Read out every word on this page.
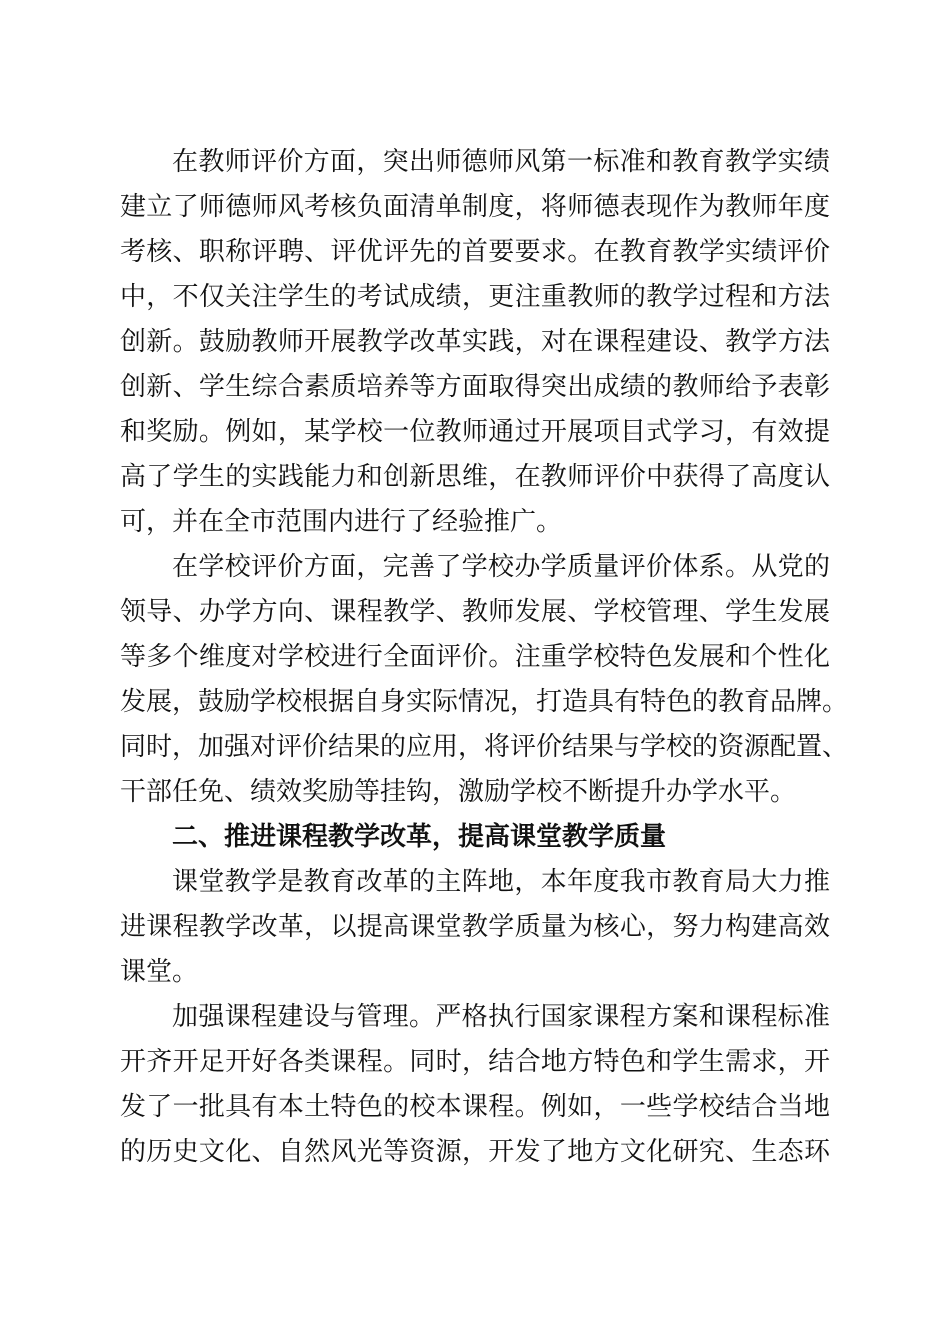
在教师评价方面，突出师德师风第一标准和教育教学实绩
建立了师德师风考核负面清单制度，将师德表现作为教师年度
考核、职称评聘、评优评先的首要要求。在教育教学实绩评价
中，不仅关注学生的考试成绩，更注重教师的教学过程和方法
创新。鼓励教师开展教学改革实践，对在课程建设、教学方法
创新、学生综合素质培养等方面取得突出成绩的教师给予表彰
和奖励。例如，某学校一位教师通过开展项目式学习，有效提
高了学生的实践能力和创新思维，在教师评价中获得了高度认
可，并在全市范围内进行了经验推广。
在学校评价方面，完善了学校办学质量评价体系。从党的
领导、办学方向、课程教学、教师发展、学校管理、学生发展
等多个维度对学校进行全面评价。注重学校特色发展和个性化
发展，鼓励学校根据自身实际情况，打造具有特色的教育品牌。
同时，加强对评价结果的应用，将评价结果与学校的资源配置、
干部任免、绩效奖励等挂钩，激励学校不断提升办学水平。
二、推进课程教学改革，提高课堂教学质量
课堂教学是教育改革的主阵地，本年度我市教育局大力推
进课程教学改革，以提高课堂教学质量为核心，努力构建高效
课堂。
加强课程建设与管理。严格执行国家课程方案和课程标准
开齐开足开好各类课程。同时，结合地方特色和学生需求，开
发了一批具有本土特色的校本课程。例如，一些学校结合当地
的历史文化、自然风光等资源，开发了地方文化研究、生态环
